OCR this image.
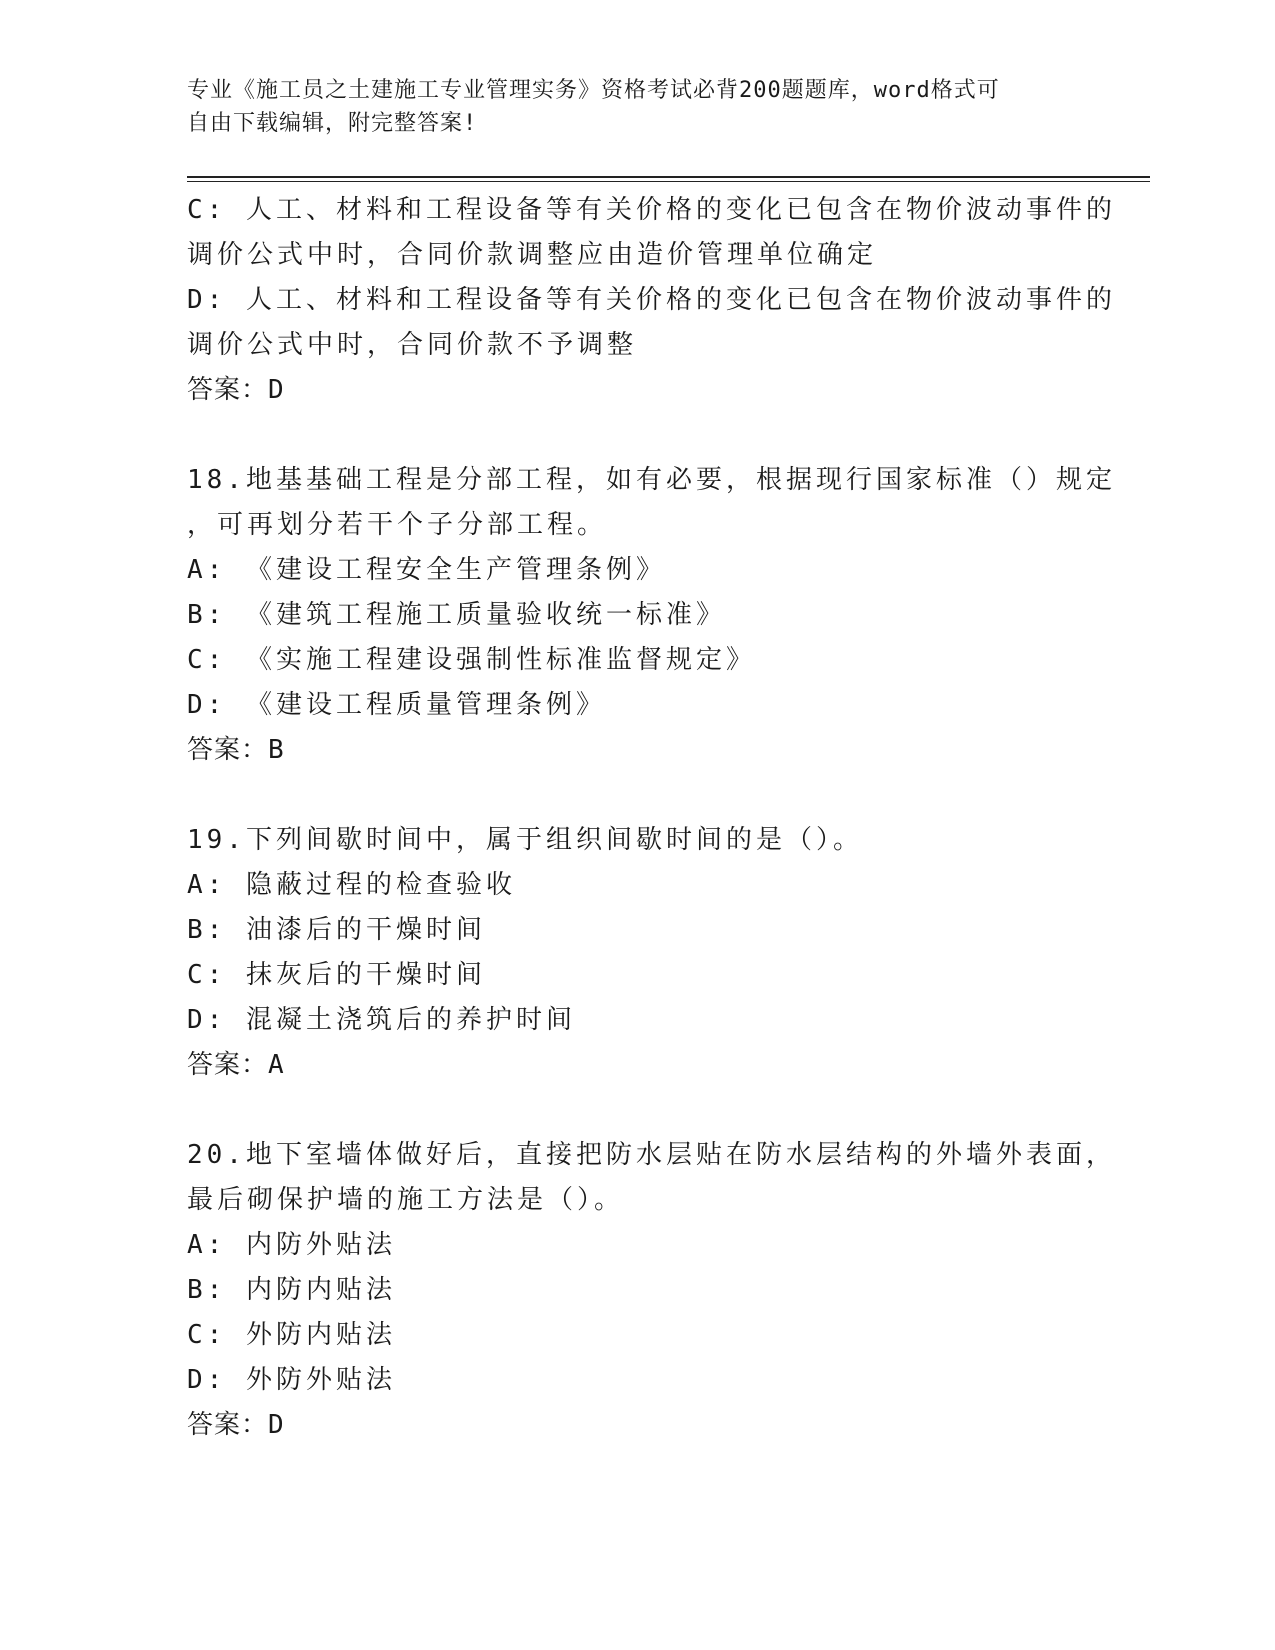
专业《施工员之土建施工专业管理实务》资格考试必背200题题库，word格式可
自由下载编辑，附完整答案!
C: 人工、材料和工程设备等有关价格的变化已包含在物价波动事件的
调价公式中时，合同价款调整应由造价管理单位确定
D: 人工、材料和工程设备等有关价格的变化已包含在物价波动事件的
调价公式中时，合同价款不予调整
答案：D
18.地基基础工程是分部工程，如有必要，根据现行国家标准（）规定
，可再划分若干个子分部工程。
A: 《建设工程安全生产管理条例》
B: 《建筑工程施工质量验收统一标准》
C: 《实施工程建设强制性标准监督规定》
D: 《建设工程质量管理条例》
答案：B
19.下列间歇时间中，属于组织间歇时间的是（）。
A: 隐蔽过程的检查验收
B: 油漆后的干燥时间
C: 抹灰后的干燥时间
D: 混凝土浇筑后的养护时间
答案：A
20.地下室墙体做好后，直接把防水层贴在防水层结构的外墙外表面，
最后砌保护墙的施工方法是（）。
A: 内防外贴法
B: 内防内贴法
C: 外防内贴法
D: 外防外贴法
答案：D
